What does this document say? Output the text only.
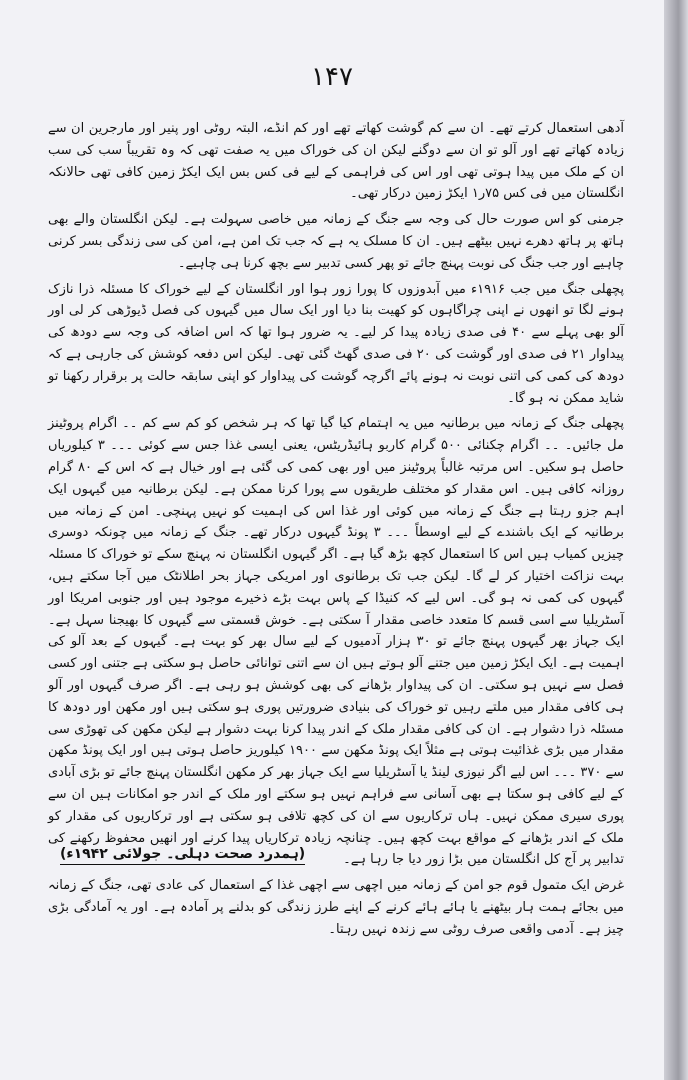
۱۴۷

آدھی استعمال کرتے تھے۔ ان سے کم گوشت کھاتے تھے اور کم انڈے، البتہ روٹی اور پنیر اور مارجرین ان سے زیادہ کھاتے تھے اور آلو تو ان سے دوگنے لیکن ان کی خوراک میں یہ صفت تھی کہ وہ تقریباً سب کی سب ان کے ملک میں پیدا ہوتی تھی اور اس کی فراہمی کے لیے فی کس بس ایک ایکڑ زمین کافی تھی حالانکہ انگلستان میں فی کس ۷۵ر۱ ایکڑ زمین درکار تھی۔

جرمنی کو اس صورت حال کی وجہ سے جنگ کے زمانہ میں خاصی سہولت ہے۔ لیکن انگلستان والے بھی ہاتھ پر ہاتھ دھرے نہیں بیٹھے ہیں۔ ان کا مسلک یہ ہے کہ جب تک امن ہے، امن کی سی زندگی بسر کرنی چاہیے اور جب جنگ کی نوبت پہنچ جائے تو پھر کسی تدبیر سے بچھ کرنا ہی چاہیے۔

پچھلی جنگ میں جب ۱۹۱۶ء میں آبدوزوں کا پورا زور ہوا اور انگلستان کے لیے خوراک کا مسئلہ ذرا نازک ہونے لگا تو انھوں نے اپنی چراگاہوں کو کھیت بنا دیا اور ایک سال میں گیہوں کی فصل ڈیوڑھی کر لی اور آلو بھی پہلے سے ۴۰ فی صدی زیادہ پیدا کر لیے۔ یہ ضرور ہوا تھا کہ اس اضافہ کی وجہ سے دودھ کی پیداوار ۲۱ فی صدی اور گوشت کی ۲۰ فی صدی گھٹ گئی تھی۔ لیکن اس دفعہ کوشش کی جارہی ہے کہ دودھ کی کمی کی اتنی نوبت نہ ہونے پائے اگرچہ گوشت کی پیداوار کو اپنی سابقہ حالت پر برقرار رکھنا تو شاید ممکن نہ ہو گا۔

پچھلی جنگ کے زمانہ میں برطانیہ میں یہ اہتمام کیا گیا تھا کہ ہر شخص کو کم سے کم ۔۔ اگرام پروٹینز مل جائیں۔ ۔۔ اگرام چکنائی ۵۰۰ گرام کاربو ہائیڈریٹس، یعنی ایسی غذا جس سے کوئی ۔۔۔ ۳ کیلوریاں حاصل ہو سکیں۔ اس مرتبہ غالباً پروٹینز میں اور بھی کمی کی گئی ہے اور خیال ہے کہ اس کے ۸۰ گرام روزانہ کافی ہیں۔ اس مقدار کو مختلف طریقوں سے پورا کرنا ممکن ہے۔ لیکن برطانیہ میں گیہوں ایک اہم جزو رہتا ہے جنگ کے زمانہ میں کوئی اور غذا اس کی اہمیت کو نہیں پہنچی۔ امن کے زمانہ میں برطانیہ کے ایک باشندے کے لیے اوسطاً ۔۔۔ ۳ پونڈ گیہوں درکار تھے۔ جنگ کے زمانہ میں چونکہ دوسری چیزیں کمیاب ہیں اس کا استعمال کچھ بڑھ گیا ہے۔ اگر گیہوں انگلستان نہ پہنچ سکے تو خوراک کا مسئلہ بہت نزاکت اختیار کر لے گا۔ لیکن جب تک برطانوی اور امریکی جہاز بحر اطلانٹک میں آجا سکتے ہیں، گیہوں کی کمی نہ ہو گی۔ اس لیے کہ کنیڈا کے پاس بہت بڑے ذخیرے موجود ہیں اور جنوبی امریکا اور آسٹریلیا سے اسی قسم کا متعدد خاصی مقدار آ سکتی ہے۔ خوش قسمتی سے گیہوں کا بھیجنا سہل ہے۔ ایک جہاز بھر گیہوں پہنچ جائے تو ۳۰ ہزار آدمیوں کے لیے سال بھر کو بہت ہے۔ گیہوں کے بعد آلو کی اہمیت ہے۔ ایک ایکڑ زمین میں جتنے آلو ہوتے ہیں ان سے اتنی توانائی حاصل ہو سکتی ہے جتنی اور کسی فصل سے نہیں ہو سکتی۔ ان کی پیداوار بڑھانے کی بھی کوشش ہو رہی ہے۔ اگر صرف گیہوں اور آلو ہی کافی مقدار میں ملتے رہیں تو خوراک کی بنیادی ضرورتیں پوری ہو سکتی ہیں اور مکھن اور دودھ کا مسئلہ ذرا دشوار ہے۔ ان کی کافی مقدار ملک کے اندر پیدا کرنا بہت دشوار ہے لیکن مکھن کی تھوڑی سی مقدار میں بڑی غذائیت ہوتی ہے مثلاً ایک پونڈ مکھن سے ۱۹۰۰ کیلوریز حاصل ہوتی ہیں اور ایک پونڈ مکھن سے ۳۷۰ ۔۔۔ اس لیے اگر نیوزی لینڈ یا آسٹریلیا سے ایک جہاز بھر کر مکھن انگلستان پہنچ جائے تو بڑی آبادی کے لیے کافی ہو سکتا ہے بھی آسانی سے فراہم نہیں ہو سکتے اور ملک کے اندر جو امکانات ہیں ان سے پوری سیری ممکن نہیں۔ ہاں ترکاریوں سے ان کی کچھ تلافی ہو سکتی ہے اور ترکاریوں کی مقدار کو ملک کے اندر بڑھانے کے مواقع بہت کچھ ہیں۔ چنانچہ زیادہ ترکاریاں پیدا کرنے اور انھیں محفوظ رکھنے کی تدابیر پر آج کل انگلستان میں بڑا زور دیا جا رہا ہے۔

غرض ایک متمول قوم جو امن کے زمانہ میں اچھی سے اچھی غذا کے استعمال کی عادی تھی، جنگ کے زمانہ میں بجائے ہمت ہار بیٹھنے یا ہائے ہائے کرنے کے اپنے طرز زندگی کو بدلنے پر آمادہ ہے۔ اور یہ آمادگی بڑی چیز ہے۔ آدمی واقعی صرف روٹی سے زندہ نہیں رہتا۔

(ہمدرد صحت دہلی۔ جولائی ۱۹۴۲ء)
